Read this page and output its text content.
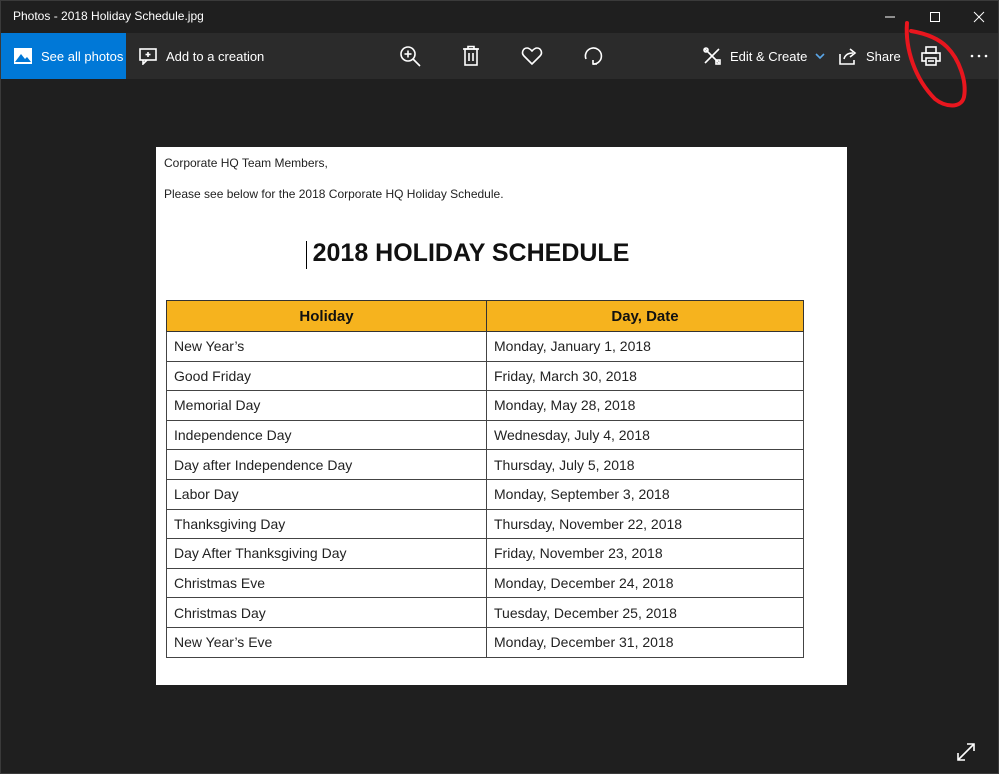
Photos - 2018 Holiday Schedule.jpg
See all photos	Add to a creation	Edit & Create	Share
Corporate HQ Team Members,
Please see below for the 2018 Corporate HQ Holiday Schedule.
2018 HOLIDAY SCHEDULE
Holiday	Day, Date
New Year’s	Monday, January 1, 2018
Good Friday	Friday, March 30, 2018
Memorial Day	Monday, May 28, 2018
Independence Day	Wednesday, July 4, 2018
Day after Independence Day	Thursday, July 5, 2018
Labor Day	Monday, September 3, 2018
Thanksgiving Day	Thursday, November 22, 2018
Day After Thanksgiving Day	Friday, November 23, 2018
Christmas Eve	Monday, December 24, 2018
Christmas Day	Tuesday, December 25, 2018
New Year’s Eve	Monday, December 31, 2018
